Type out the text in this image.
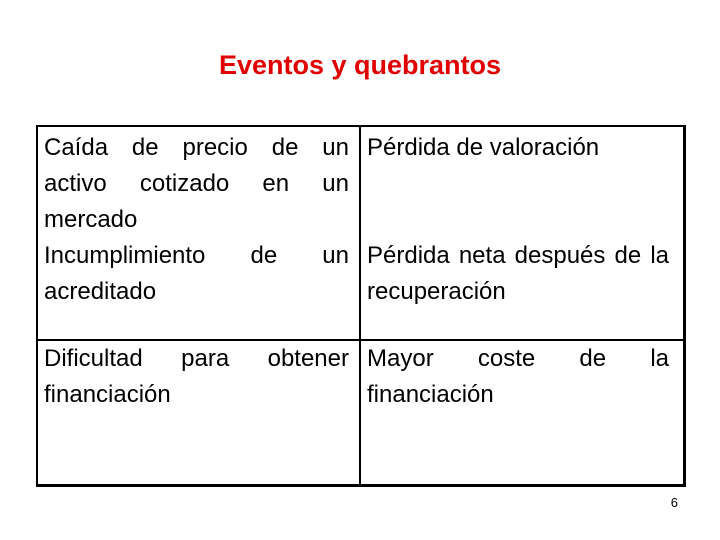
Eventos y quebrantos
Caída de precio de un activo cotizado en un mercado
Pérdida de valoración
Incumplimiento de un acreditado
Pérdida neta después de la recuperación
Dificultad para obtener financiación
Mayor coste de la financiación
6
